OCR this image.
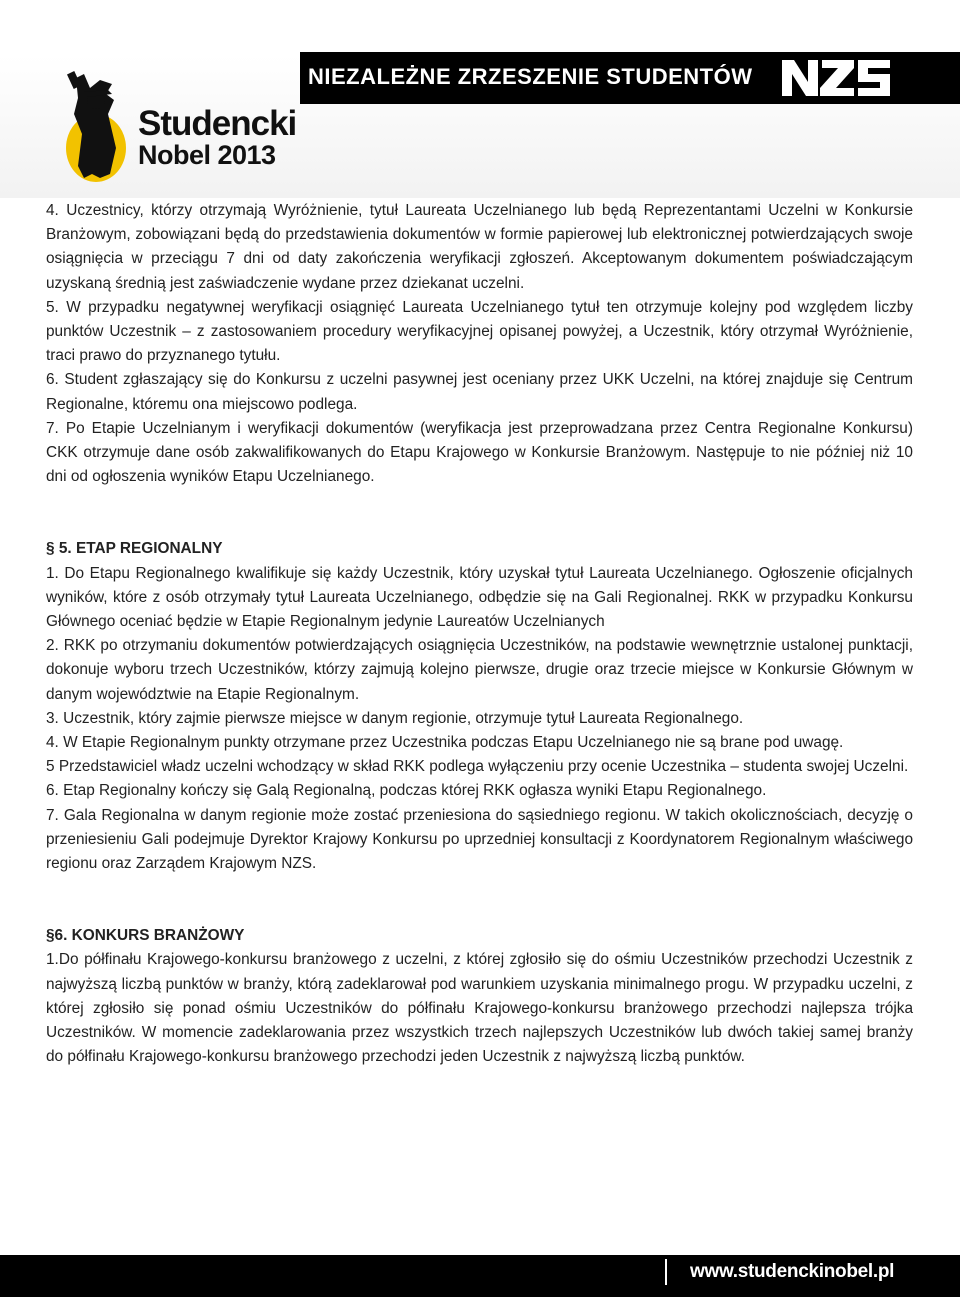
NIEZALEŻNE ZRZESZENIE STUDENTÓW
Studencki
Nobel 2013

4. Uczestnicy, którzy otrzymają Wyróżnienie, tytuł Laureata Uczelnianego lub będą Reprezentantami Uczelni w Konkursie Branżowym, zobowiązani będą do przedstawienia dokumentów w formie papierowej lub elektronicznej potwierdzających swoje osiągnięcia w przeciągu 7 dni od daty zakończenia weryfikacji zgłoszeń. Akceptowanym dokumentem poświadczającym uzyskaną średnią jest zaświadczenie wydane przez dziekanat uczelni.

5. W przypadku negatywnej weryfikacji osiągnięć Laureata Uczelnianego tytuł ten otrzymuje kolejny pod względem liczby punktów Uczestnik – z zastosowaniem procedury weryfikacyjnej opisanej powyżej, a Uczestnik, który otrzymał Wyróżnienie, traci prawo do przyznanego tytułu.

6. Student zgłaszający się do Konkursu z uczelni pasywnej jest oceniany przez UKK Uczelni, na której znajduje się Centrum Regionalne, któremu ona miejscowo podlega.

7. Po Etapie Uczelnianym i weryfikacji dokumentów (weryfikacja jest przeprowadzana przez Centra Regionalne Konkursu) CKK otrzymuje dane osób zakwalifikowanych do Etapu Krajowego w Konkursie Branżowym. Następuje to nie później niż 10 dni od ogłoszenia wyników Etapu Uczelnianego.

§ 5. ETAP REGIONALNY

1. Do Etapu Regionalnego kwalifikuje się każdy Uczestnik, który uzyskał tytuł Laureata Uczelnianego. Ogłoszenie oficjalnych wyników, które z osób otrzymały tytuł Laureata Uczelnianego, odbędzie się na Gali Regionalnej. RKK w przypadku Konkursu Głównego oceniać będzie w Etapie Regionalnym jedynie Laureatów Uczelnianych

2. RKK po otrzymaniu dokumentów potwierdzających osiągnięcia Uczestników, na podstawie wewnętrznie ustalonej punktacji, dokonuje wyboru trzech Uczestników, którzy zajmują kolejno pierwsze, drugie oraz trzecie miejsce w Konkursie Głównym w danym województwie na Etapie Regionalnym.

3. Uczestnik, który zajmie pierwsze miejsce w danym regionie, otrzymuje tytuł Laureata Regionalnego.

4. W Etapie Regionalnym punkty otrzymane przez Uczestnika podczas Etapu Uczelnianego nie są brane pod uwagę.

5 Przedstawiciel władz uczelni wchodzący w skład RKK podlega wyłączeniu przy ocenie Uczestnika – studenta swojej Uczelni.

6. Etap Regionalny kończy się Galą Regionalną, podczas której RKK ogłasza wyniki Etapu Regionalnego.

7. Gala Regionalna w danym regionie może zostać przeniesiona do sąsiedniego regionu. W takich okolicznościach, decyzję o przeniesieniu Gali podejmuje Dyrektor Krajowy Konkursu po uprzedniej konsultacji z Koordynatorem Regionalnym właściwego regionu oraz Zarządem Krajowym NZS.

§6. KONKURS BRANŻOWY

1.Do półfinału Krajowego-konkursu branżowego z uczelni, z której zgłosiło się do ośmiu Uczestników przechodzi Uczestnik z najwyższą liczbą punktów w branży, którą zadeklarował pod warunkiem uzyskania minimalnego progu. W przypadku uczelni, z której zgłosiło się ponad ośmiu Uczestników do półfinału Krajowego-konkursu branżowego przechodzi najlepsza trójka Uczestników. W momencie zadeklarowania przez wszystkich trzech najlepszych Uczestników lub dwóch takiej samej branży do półfinału Krajowego-konkursu branżowego przechodzi jeden Uczestnik z najwyższą liczbą punktów.

www.studenckinobel.pl
